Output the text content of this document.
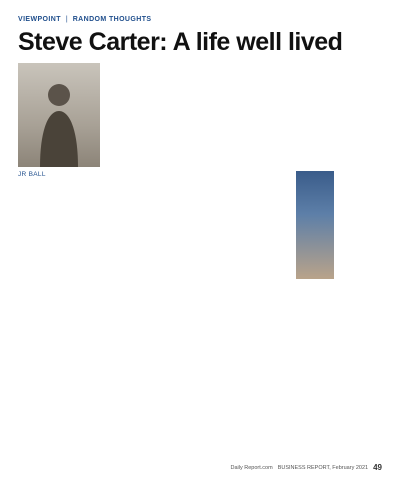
VIEWPOINT | RANDOM THOUGHTS
Steve Carter: A life well lived
JR BALL
Daily Report.com BUSINESS REPORT, February 2021 49
